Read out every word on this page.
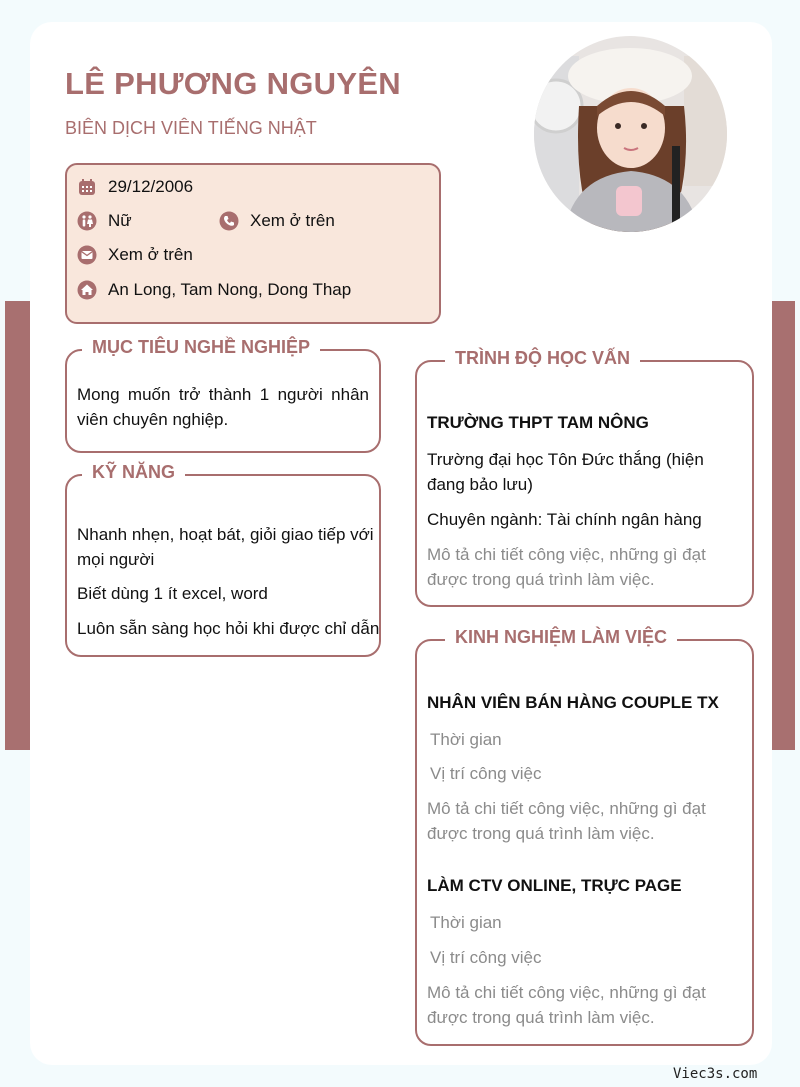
LÊ PHƯƠNG NGUYÊN
BIÊN DỊCH VIÊN TIẾNG NHẬT
29/12/2006
Nữ	Xem ở trên
Xem ở trên
An Long, Tam Nong, Dong Thap
MỤC TIÊU NGHỀ NGHIỆP
Mong muốn trở thành 1 người nhân viên chuyên nghiệp.
KỸ NĂNG
Nhanh nhẹn, hoạt bát, giỏi giao tiếp với mọi người
Biết dùng 1 ít excel, word
Luôn sẵn sàng học hỏi khi được chỉ dẫn
TRÌNH ĐỘ HỌC VẤN
TRƯỜNG THPT TAM NÔNG
Trường đại học Tôn Đức thắng (hiện đang bảo lưu)
Chuyên ngành: Tài chính ngân hàng
Mô tả chi tiết công việc, những gì đạt được trong quá trình làm việc.
KINH NGHIỆM LÀM VIỆC
NHÂN VIÊN BÁN HÀNG COUPLE TX
Thời gian
Vị trí công việc
Mô tả chi tiết công việc, những gì đạt được trong quá trình làm việc.
LÀM CTV ONLINE, TRỰC PAGE
Thời gian
Vị trí công việc
Mô tả chi tiết công việc, những gì đạt được trong quá trình làm việc.
Viec3s.com
